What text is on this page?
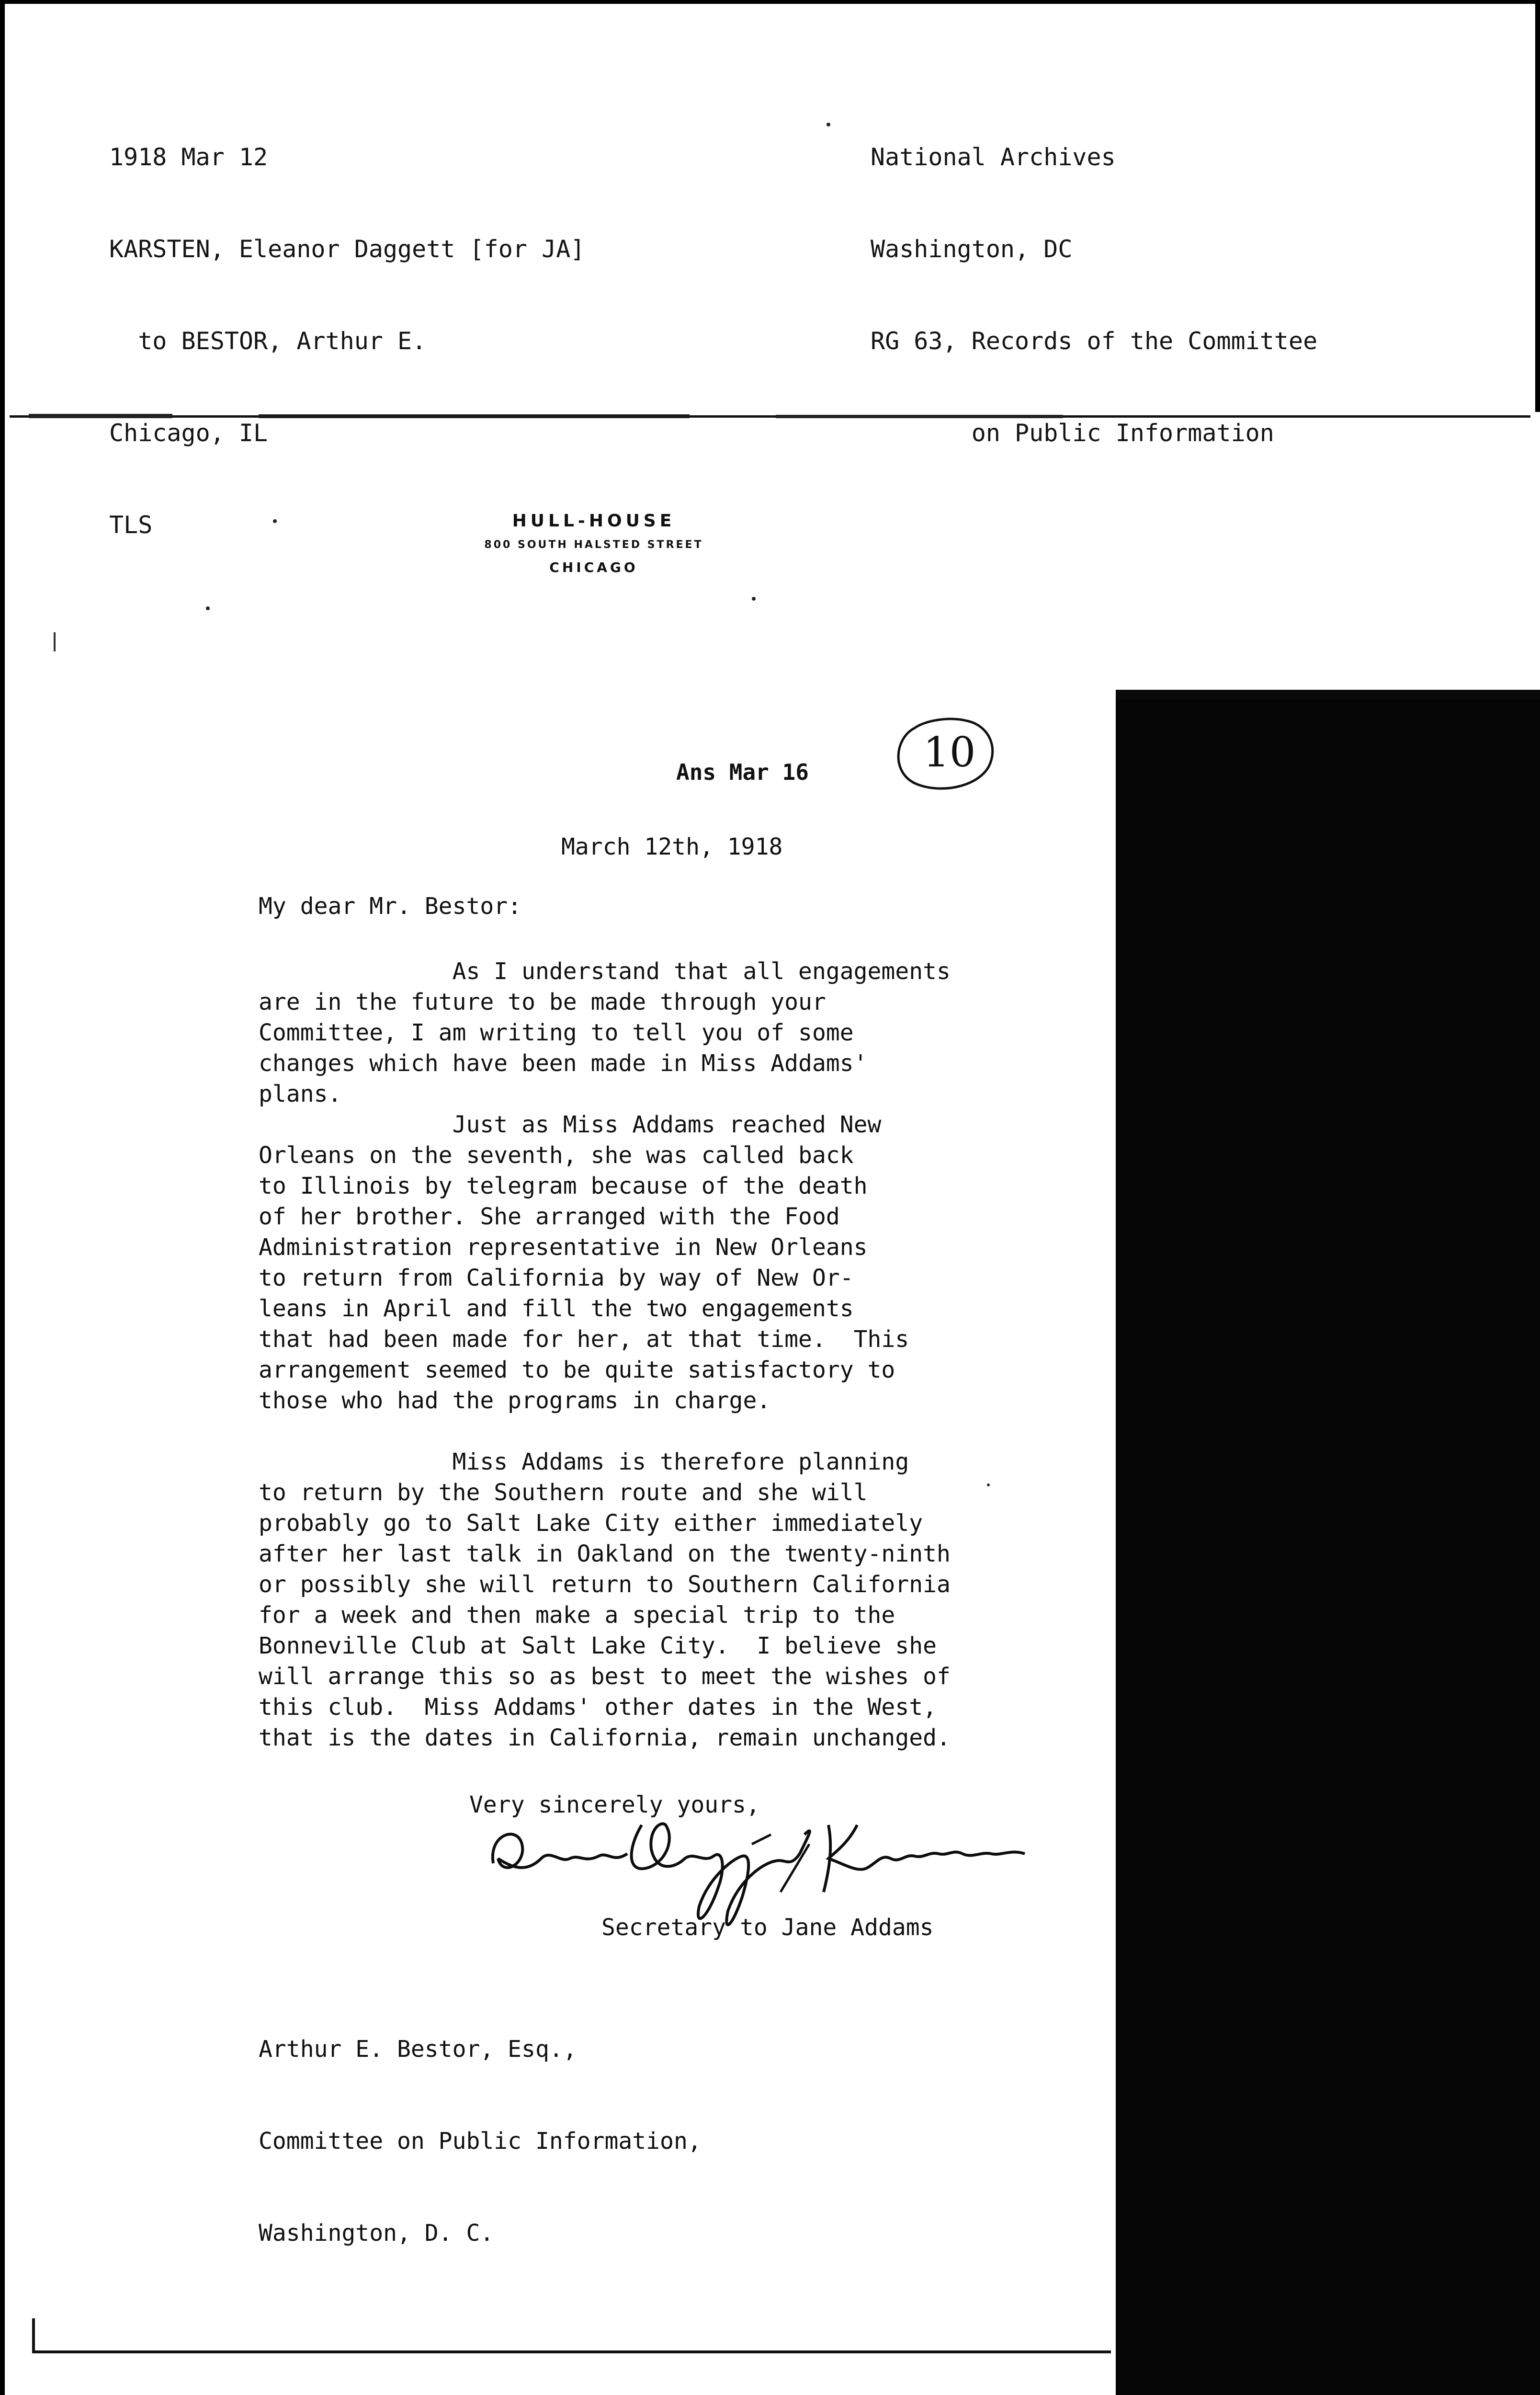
1918 Mar 12

KARSTEN, Eleanor Daggett [for JA]

to BESTOR, Arthur E.

Chicago, IL

TLS

National Archives

Washington, DC

RG 63, Records of the Committee

on Public Information

HULL-HOUSE
800 SOUTH HALSTED STREET
CHICAGO
10
Ans Mar 16
March 12th, 1918
My dear Mr. Bestor:
As I understand that all engagements
are in the future to be made through your
Committee, I am writing to tell you of some
changes which have been made in Miss Addams'
plans.
Just as Miss Addams reached New
Orleans on the seventh, she was called back
to Illinois by telegram because of the death
of her brother. She arranged with the Food
Administration representative in New Orleans
to return from California by way of New Or-
leans in April and fill the two engagements
that had been made for her, at that time.  This
arrangement seemed to be quite satisfactory to
those who had the programs in charge.

Miss Addams is therefore planning
to return by the Southern route and she will
probably go to Salt Lake City either immediately
after her last talk in Oakland on the twenty-ninth
or possibly she will return to Southern California
for a week and then make a special trip to the
Bonneville Club at Salt Lake City.  I believe she
will arrange this so as best to meet the wishes of
this club.  Miss Addams' other dates in the West,
that is the dates in California, remain unchanged.
Very sincerely yours,
Secretary to Jane Addams

Arthur E. Bestor, Esq.,

Committee on Public Information,

Washington, D. C.
